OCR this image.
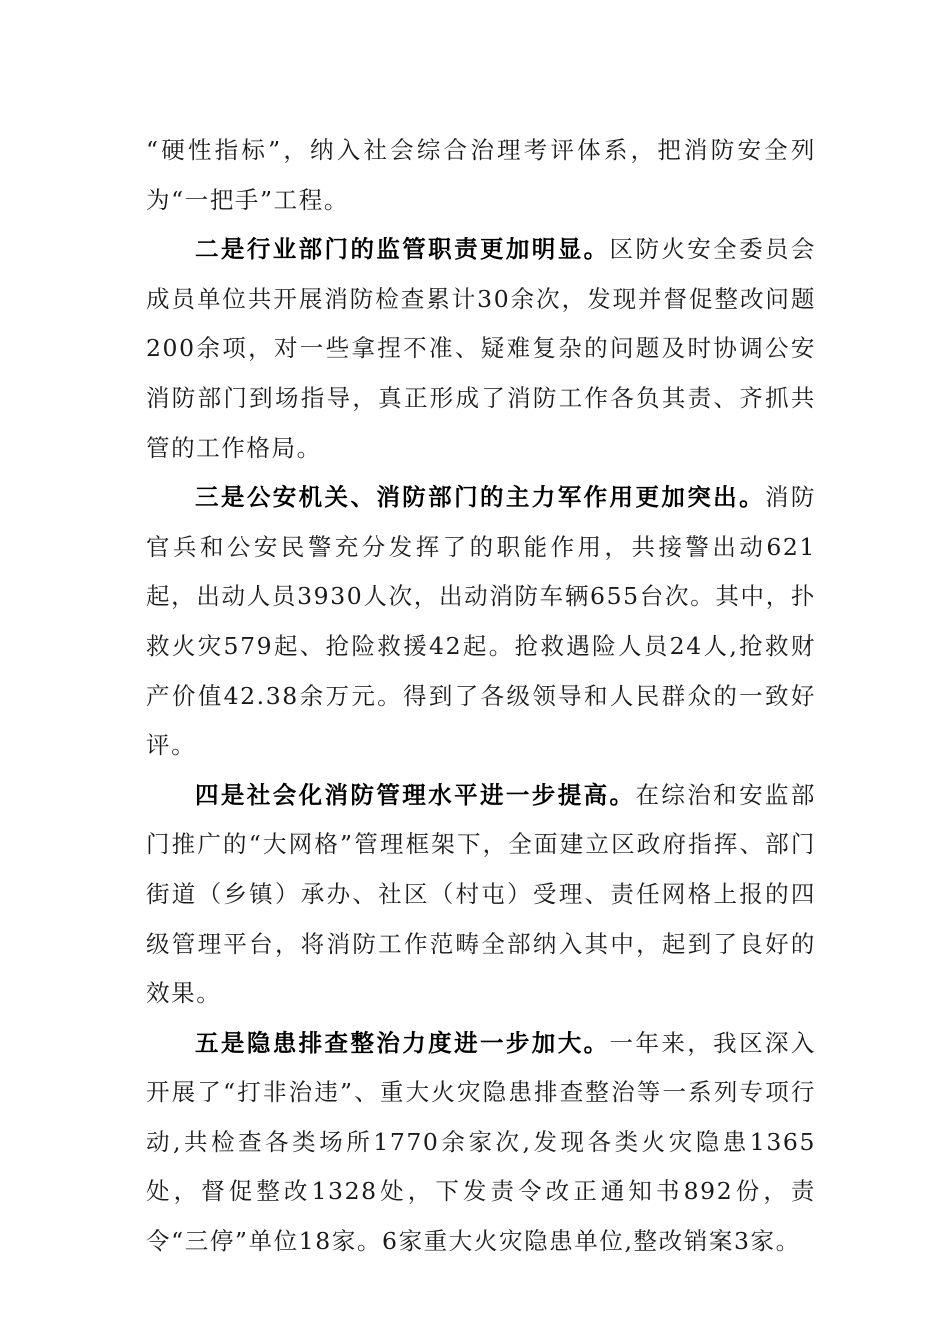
“硬性指标”，纳入社会综合治理考评体系，把消防安全列为“一把手”工程。

二是行业部门的监管职责更加明显。区防火安全委员会成员单位共开展消防检查累计30余次，发现并督促整改问题200余项，对一些拿捏不准、疑难复杂的问题及时协调公安消防部门到场指导，真正形成了消防工作各负其责、齐抓共管的工作格局。

三是公安机关、消防部门的主力军作用更加突出。消防官兵和公安民警充分发挥了的职能作用，共接警出动621起，出动人员3930人次，出动消防车辆655台次。其中，扑救火灾579起、抢险救援42起。抢救遇险人员24人,抢救财产价值42.38余万元。得到了各级领导和人民群众的一致好评。

四是社会化消防管理水平进一步提高。在综治和安监部门推广的“大网格”管理框架下，全面建立区政府指挥、部门街道（乡镇）承办、社区（村屯）受理、责任网格上报的四级管理平台，将消防工作范畴全部纳入其中，起到了良好的效果。

五是隐患排查整治力度进一步加大。一年来，我区深入开展了“打非治违”、重大火灾隐患排查整治等一系列专项行动,共检查各类场所1770余家次,发现各类火灾隐患1365处，督促整改1328处，下发责令改正通知书892份，责令“三停”单位18家。6家重大火灾隐患单位,整改销案3家。
